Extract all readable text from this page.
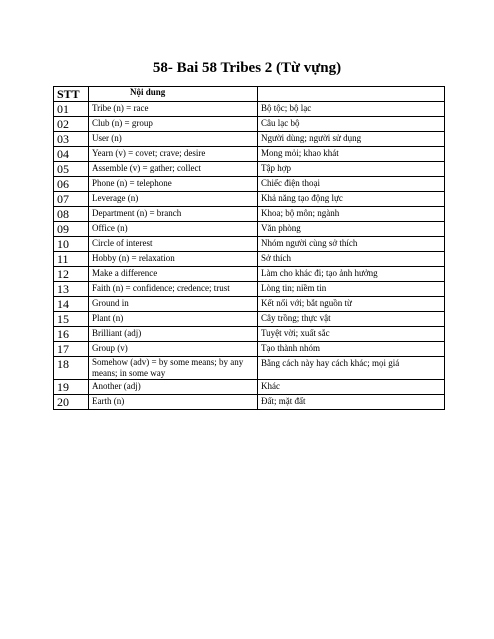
58- Bai 58 Tribes 2 (Từ vựng)
STT	Nội dung	
01	Tribe (n) = race	Bộ tộc; bộ lạc
02	Club (n) = group	Câu lạc bộ
03	User (n)	Người dùng; người sử dụng
04	Yearn (v) = covet; crave; desire	Mong mỏi; khao khát
05	Assemble (v) = gather; collect	Tập hợp
06	Phone (n) = telephone	Chiếc điện thoại
07	Leverage (n)	Khả năng tạo động lực
08	Department (n) = branch	Khoa; bộ môn; ngành
09	Office (n)	Văn phòng
10	Circle of interest	Nhóm người cùng sở thích
11	Hobby (n) = relaxation	Sở thích
12	Make a difference	Làm cho khác đi; tạo ảnh hưởng
13	Faith (n) = confidence; credence; trust	Lòng tin; niềm tin
14	Ground in	Kết nối với; bắt nguồn từ
15	Plant (n)	Cây trồng; thực vật
16	Brilliant (adj)	Tuyệt vời; xuất sắc
17	Group (v)	Tạo thành nhóm
18	Somehow (adv) = by some means; by any means; in some way	Bằng cách này hay cách khác; mọi giá
19	Another (adj)	Khác
20	Earth (n)	Đất; mặt đất
